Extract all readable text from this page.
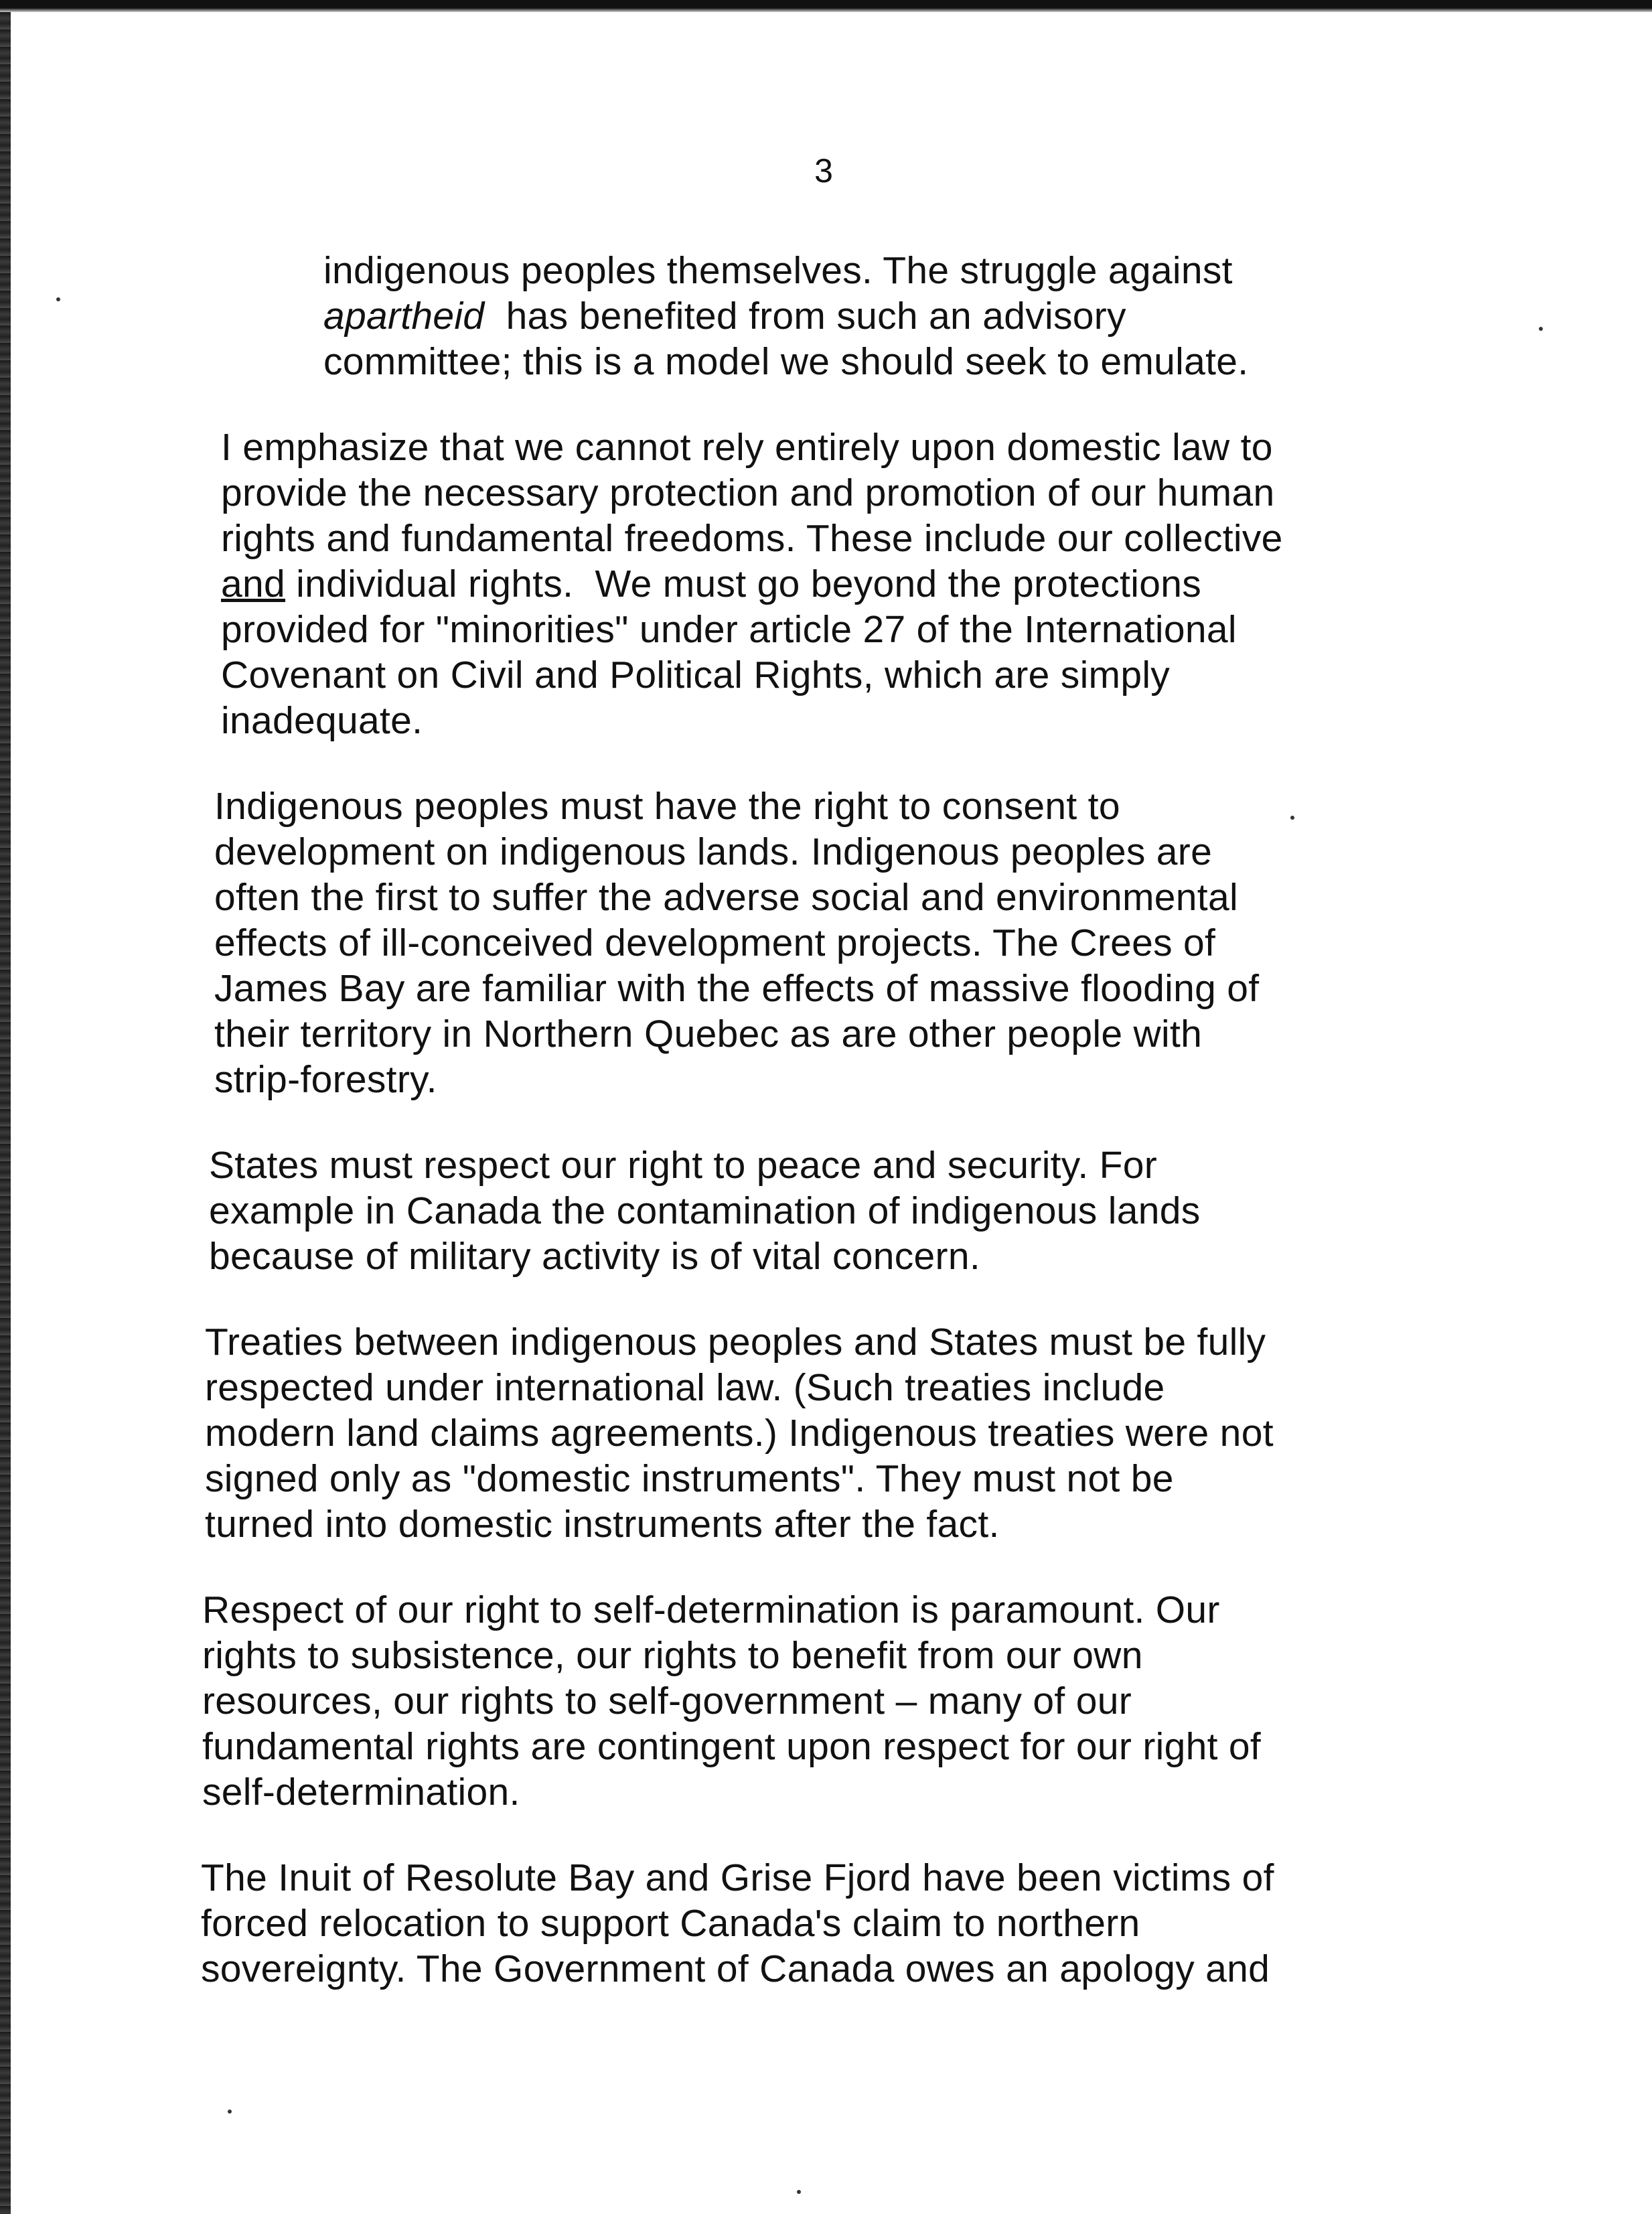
3

indigenous peoples themselves. The struggle against
apartheid  has benefited from such an advisory
committee; this is a model we should seek to emulate.

I emphasize that we cannot rely entirely upon domestic law to
provide the necessary protection and promotion of our human
rights and fundamental freedoms. These include our collective
and individual rights.  We must go beyond the protections
provided for "minorities" under article 27 of the International
Covenant on Civil and Political Rights, which are simply
inadequate.

Indigenous peoples must have the right to consent to
development on indigenous lands. Indigenous peoples are
often the first to suffer the adverse social and environmental
effects of ill-conceived development projects. The Crees of
James Bay are familiar with the effects of massive flooding of
their territory in Northern Quebec as are other people with
strip-forestry.

States must respect our right to peace and security. For
example in Canada the contamination of indigenous lands
because of military activity is of vital concern.

Treaties between indigenous peoples and States must be fully
respected under international law. (Such treaties include
modern land claims agreements.) Indigenous treaties were not
signed only as "domestic instruments". They must not be
turned into domestic instruments after the fact.

Respect of our right to self-determination is paramount. Our
rights to subsistence, our rights to benefit from our own
resources, our rights to self-government – many of our
fundamental rights are contingent upon respect for our right of
self-determination.

The Inuit of Resolute Bay and Grise Fjord have been victims of
forced relocation to support Canada's claim to northern
sovereignty. The Government of Canada owes an apology and
